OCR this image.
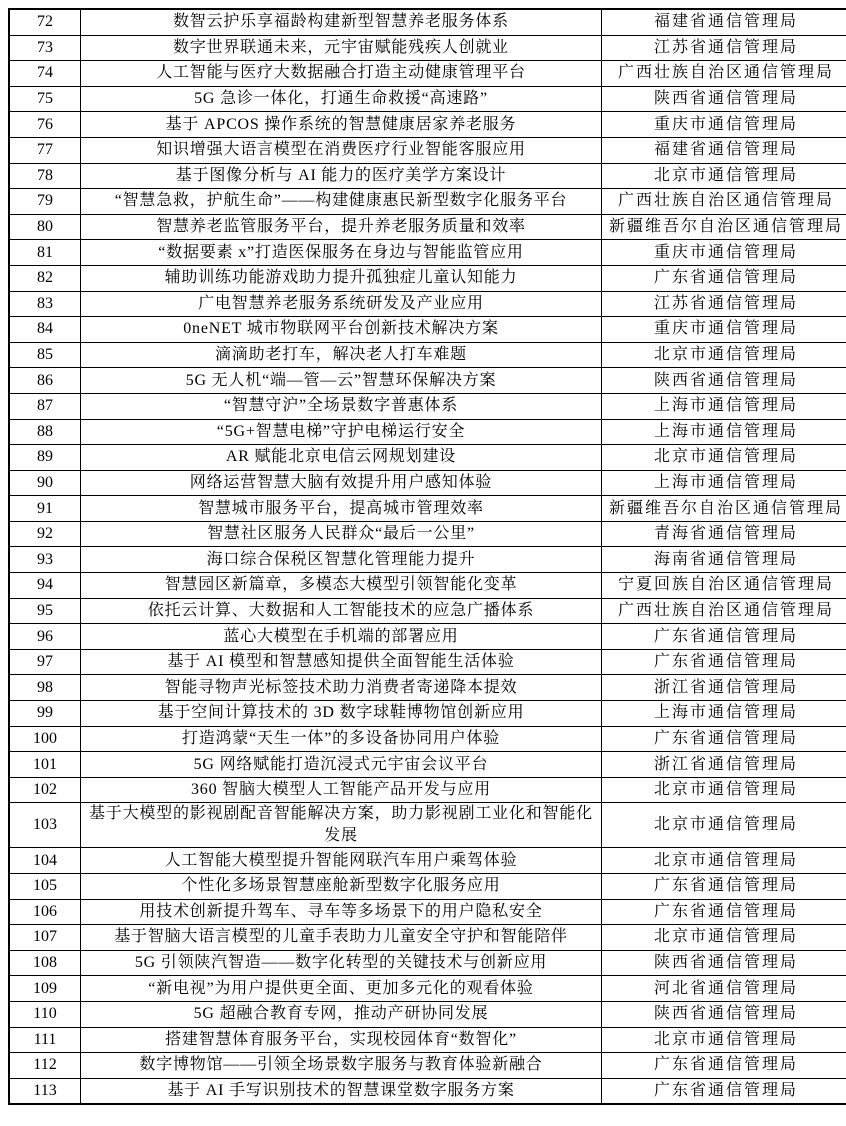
72	数智云护乐享福龄构建新型智慧养老服务体系	福建省通信管理局
73	数字世界联通未来，元宇宙赋能残疾人创就业	江苏省通信管理局
74	人工智能与医疗大数据融合打造主动健康管理平台	广西壮族自治区通信管理局
75	5G 急诊一体化，打通生命救援“高速路”	陕西省通信管理局
76	基于 APCOS 操作系统的智慧健康居家养老服务	重庆市通信管理局
77	知识增强大语言模型在消费医疗行业智能客服应用	福建省通信管理局
78	基于图像分析与 AI 能力的医疗美学方案设计	北京市通信管理局
79	“智慧急救，护航生命”——构建健康惠民新型数字化服务平台	广西壮族自治区通信管理局
80	智慧养老监管服务平台，提升养老服务质量和效率	新疆维吾尔自治区通信管理局
81	“数据要素 x”打造医保服务在身边与智能监管应用	重庆市通信管理局
82	辅助训练功能游戏助力提升孤独症儿童认知能力	广东省通信管理局
83	广电智慧养老服务系统研发及产业应用	江苏省通信管理局
84	0neNET 城市物联网平台创新技术解决方案	重庆市通信管理局
85	滴滴助老打车，解决老人打车难题	北京市通信管理局
86	5G 无人机“端—管—云”智慧环保解决方案	陕西省通信管理局
87	“智慧守沪”全场景数字普惠体系	上海市通信管理局
88	“5G+智慧电梯”守护电梯运行安全	上海市通信管理局
89	AR 赋能北京电信云网规划建设	北京市通信管理局
90	网络运营智慧大脑有效提升用户感知体验	上海市通信管理局
91	智慧城市服务平台，提高城市管理效率	新疆维吾尔自治区通信管理局
92	智慧社区服务人民群众“最后一公里”	青海省通信管理局
93	海口综合保税区智慧化管理能力提升	海南省通信管理局
94	智慧园区新篇章，多模态大模型引领智能化变革	宁夏回族自治区通信管理局
95	依托云计算、大数据和人工智能技术的应急广播体系	广西壮族自治区通信管理局
96	蓝心大模型在手机端的部署应用	广东省通信管理局
97	基于 AI 模型和智慧感知提供全面智能生活体验	广东省通信管理局
98	智能寻物声光标签技术助力消费者寄递降本提效	浙江省通信管理局
99	基于空间计算技术的 3D 数字球鞋博物馆创新应用	上海市通信管理局
100	打造鸿蒙“天生一体”的多设备协同用户体验	广东省通信管理局
101	5G 网络赋能打造沉浸式元宇宙会议平台	浙江省通信管理局
102	360 智脑大模型人工智能产品开发与应用	北京市通信管理局
103	基于大模型的影视剧配音智能解决方案，助力影视剧工业化和智能化发展	北京市通信管理局
104	人工智能大模型提升智能网联汽车用户乘驾体验	北京市通信管理局
105	个性化多场景智慧座舱新型数字化服务应用	广东省通信管理局
106	用技术创新提升驾车、寻车等多场景下的用户隐私安全	广东省通信管理局
107	基于智脑大语言模型的儿童手表助力儿童安全守护和智能陪伴	北京市通信管理局
108	5G 引领陕汽智造——数字化转型的关键技术与创新应用	陕西省通信管理局
109	“新电视”为用户提供更全面、更加多元化的观看体验	河北省通信管理局
110	5G 超融合教育专网，推动产研协同发展	陕西省通信管理局
111	搭建智慧体育服务平台，实现校园体育“数智化”	北京市通信管理局
112	数字博物馆——引领全场景数字服务与教育体验新融合	广东省通信管理局
113	基于 AI 手写识别技术的智慧课堂数字服务方案	广东省通信管理局
